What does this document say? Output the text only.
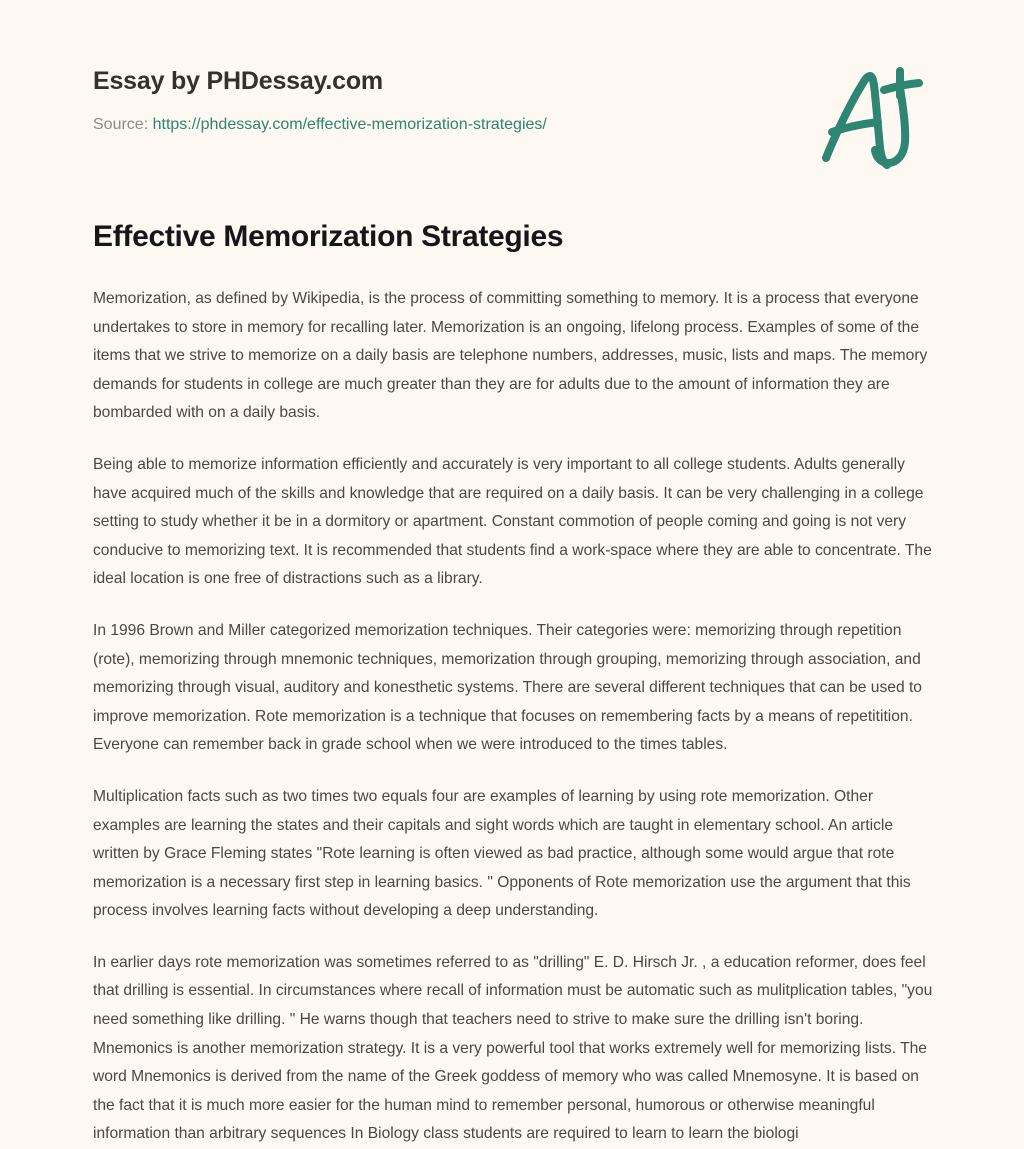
Essay by PHDessay.com
Source: https://phdessay.com/effective-memorization-strategies/
Effective Memorization Strategies

Memorization, as defined by Wikipedia, is the process of committing something to memory. It is a process that everyone undertakes to store in memory for recalling later. Memorization is an ongoing, lifelong process. Examples of some of the items that we strive to memorize on a daily basis are telephone numbers, addresses, music, lists and maps. The memory demands for students in college are much greater than they are for adults due to the amount of information they are bombarded with on a daily basis.

Being able to memorize information efficiently and accurately is very important to all college students. Adults generally have acquired much of the skills and knowledge that are required on a daily basis. It can be very challenging in a college setting to study whether it be in a dormitory or apartment. Constant commotion of people coming and going is not very conducive to memorizing text. It is recommended that students find a work-space where they are able to concentrate. The ideal location is one free of distractions such as a library.

In 1996 Brown and Miller categorized memorization techniques. Their categories were: memorizing through repetition (rote), memorizing through mnemonic techniques, memorization through grouping, memorizing through association, and memorizing through visual, auditory and konesthetic systems. There are several different techniques that can be used to improve memorization. Rote memorization is a technique that focuses on remembering facts by a means of repetitition. Everyone can remember back in grade school when we were introduced to the times tables.

Multiplication facts such as two times two equals four are examples of learning by using rote memorization. Other examples are learning the states and their capitals and sight words which are taught in elementary school. An article written by Grace Fleming states "Rote learning is often viewed as bad practice, although some would argue that rote memorization is a necessary first step in learning basics. " Opponents of Rote memorization use the argument that this process involves learning facts without developing a deep understanding.

In earlier days rote memorization was sometimes referred to as "drilling" E. D. Hirsch Jr. , a education reformer, does feel that drilling is essential. In circumstances where recall of information must be automatic such as mulitplication tables, "you need something like drilling. " He warns though that teachers need to strive to make sure the drilling isn't boring. Mnemonics is another memorization strategy. It is a very powerful tool that works extremely well for memorizing lists. The word Mnemonics is derived from the name of the Greek goddess of memory who was called Mnemosyne. It is based on the fact that it is much more easier for the human mind to remember personal, humorous or otherwise meaningful information than arbitrary sequences In Biology class students are required to learn to learn the biologi
